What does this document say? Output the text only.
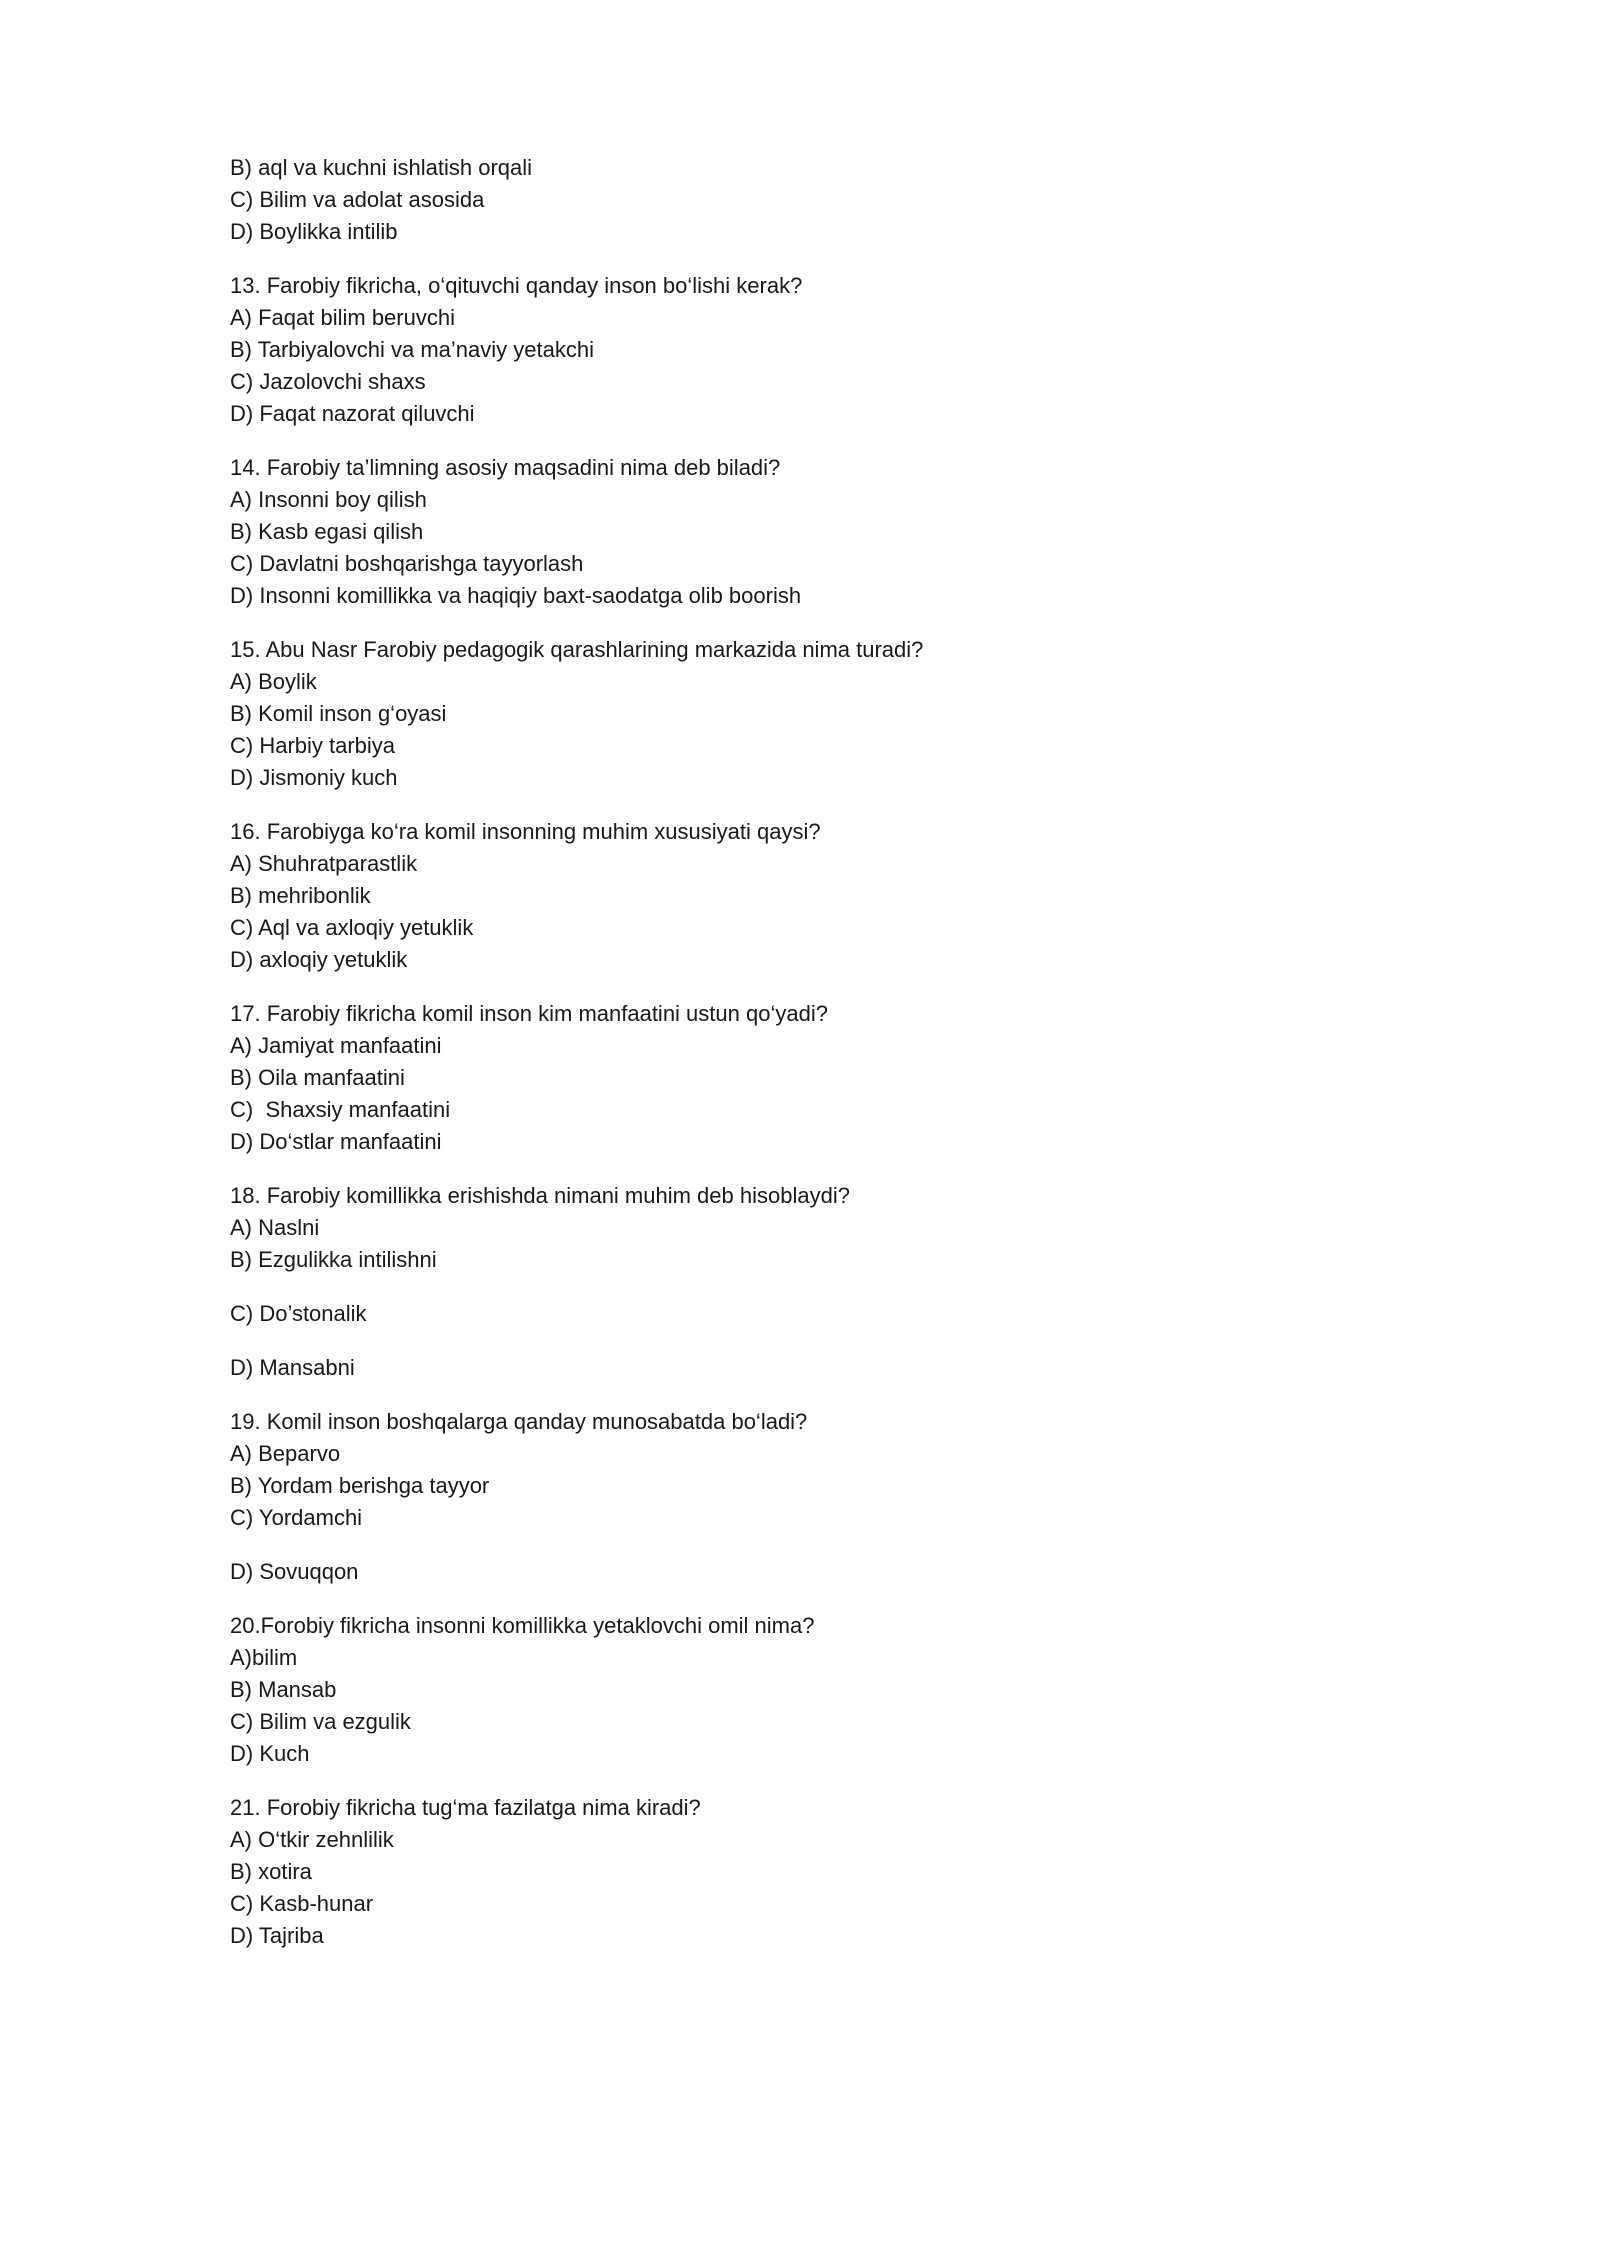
B) aql va kuchni ishlatish orqali
C) Bilim va adolat asosida
D) Boylikka intilib
13. Farobiy fikricha, o‘qituvchi qanday inson bo‘lishi kerak?
A) Faqat bilim beruvchi
B) Tarbiyalovchi va ma’naviy yetakchi
C) Jazolovchi shaxs
D) Faqat nazorat qiluvchi
14. Farobiy ta’limning asosiy maqsadini nima deb biladi?
A) Insonni boy qilish
B) Kasb egasi qilish
C) Davlatni boshqarishga tayyorlash
D) Insonni komillikka va haqiqiy baxt-saodatga olib boorish
15. Abu Nasr Farobiy pedagogik qarashlarining markazida nima turadi?
A) Boylik
B) Komil inson g‘oyasi
C) Harbiy tarbiya
D) Jismoniy kuch
16. Farobiyga ko‘ra komil insonning muhim xususiyati qaysi?
A) Shuhratparastlik
B) mehribonlik
C) Aql va axloqiy yetuklik
D) axloqiy yetuklik
17. Farobiy fikricha komil inson kim manfaatini ustun qo‘yadi?
A) Jamiyat manfaatini
B) Oila manfaatini
C)  Shaxsiy manfaatini
D) Do‘stlar manfaatini
18. Farobiy komillikka erishishda nimani muhim deb hisoblaydi?
A) Naslni
B) Ezgulikka intilishni
C) Do’stonalik
D) Mansabni
19. Komil inson boshqalarga qanday munosabatda bo‘ladi?
A) Beparvo
B) Yordam berishga tayyor
C) Yordamchi
D) Sovuqqon
20.Forobiy fikricha insonni komillikka yetaklovchi omil nima?
A)bilim
B) Mansab
C) Bilim va ezgulik
D) Kuch
21. Forobiy fikricha tug‘ma fazilatga nima kiradi?
A) O‘tkir zehnlilik
B) xotira
C) Kasb-hunar
D) Tajriba
